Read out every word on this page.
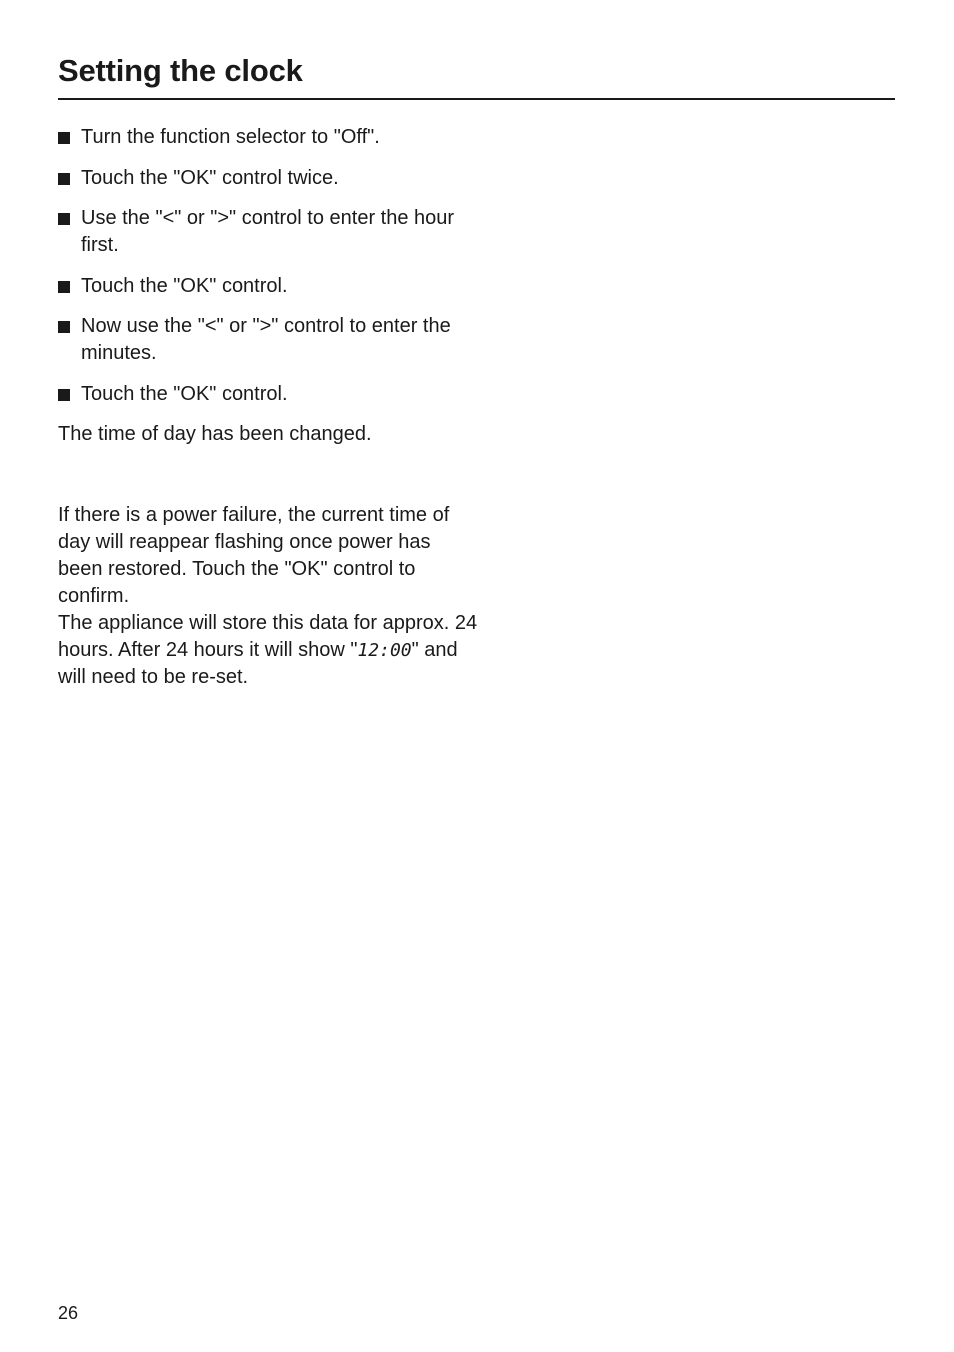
Setting the clock
Turn the function selector to "Off".
Touch the "OK" control twice.
Use the "<" or ">" control to enter the hour first.
Touch the "OK" control.
Now use the "<" or ">" control to enter the minutes.
Touch the "OK" control.

The time of day has been changed.

If there is a power failure, the current time of day will reappear flashing once power has been restored. Touch the "OK" control to confirm.

The appliance will store this data for approx. 24 hours. After 24 hours it will show "12:00" and will need to be re-set.

26
